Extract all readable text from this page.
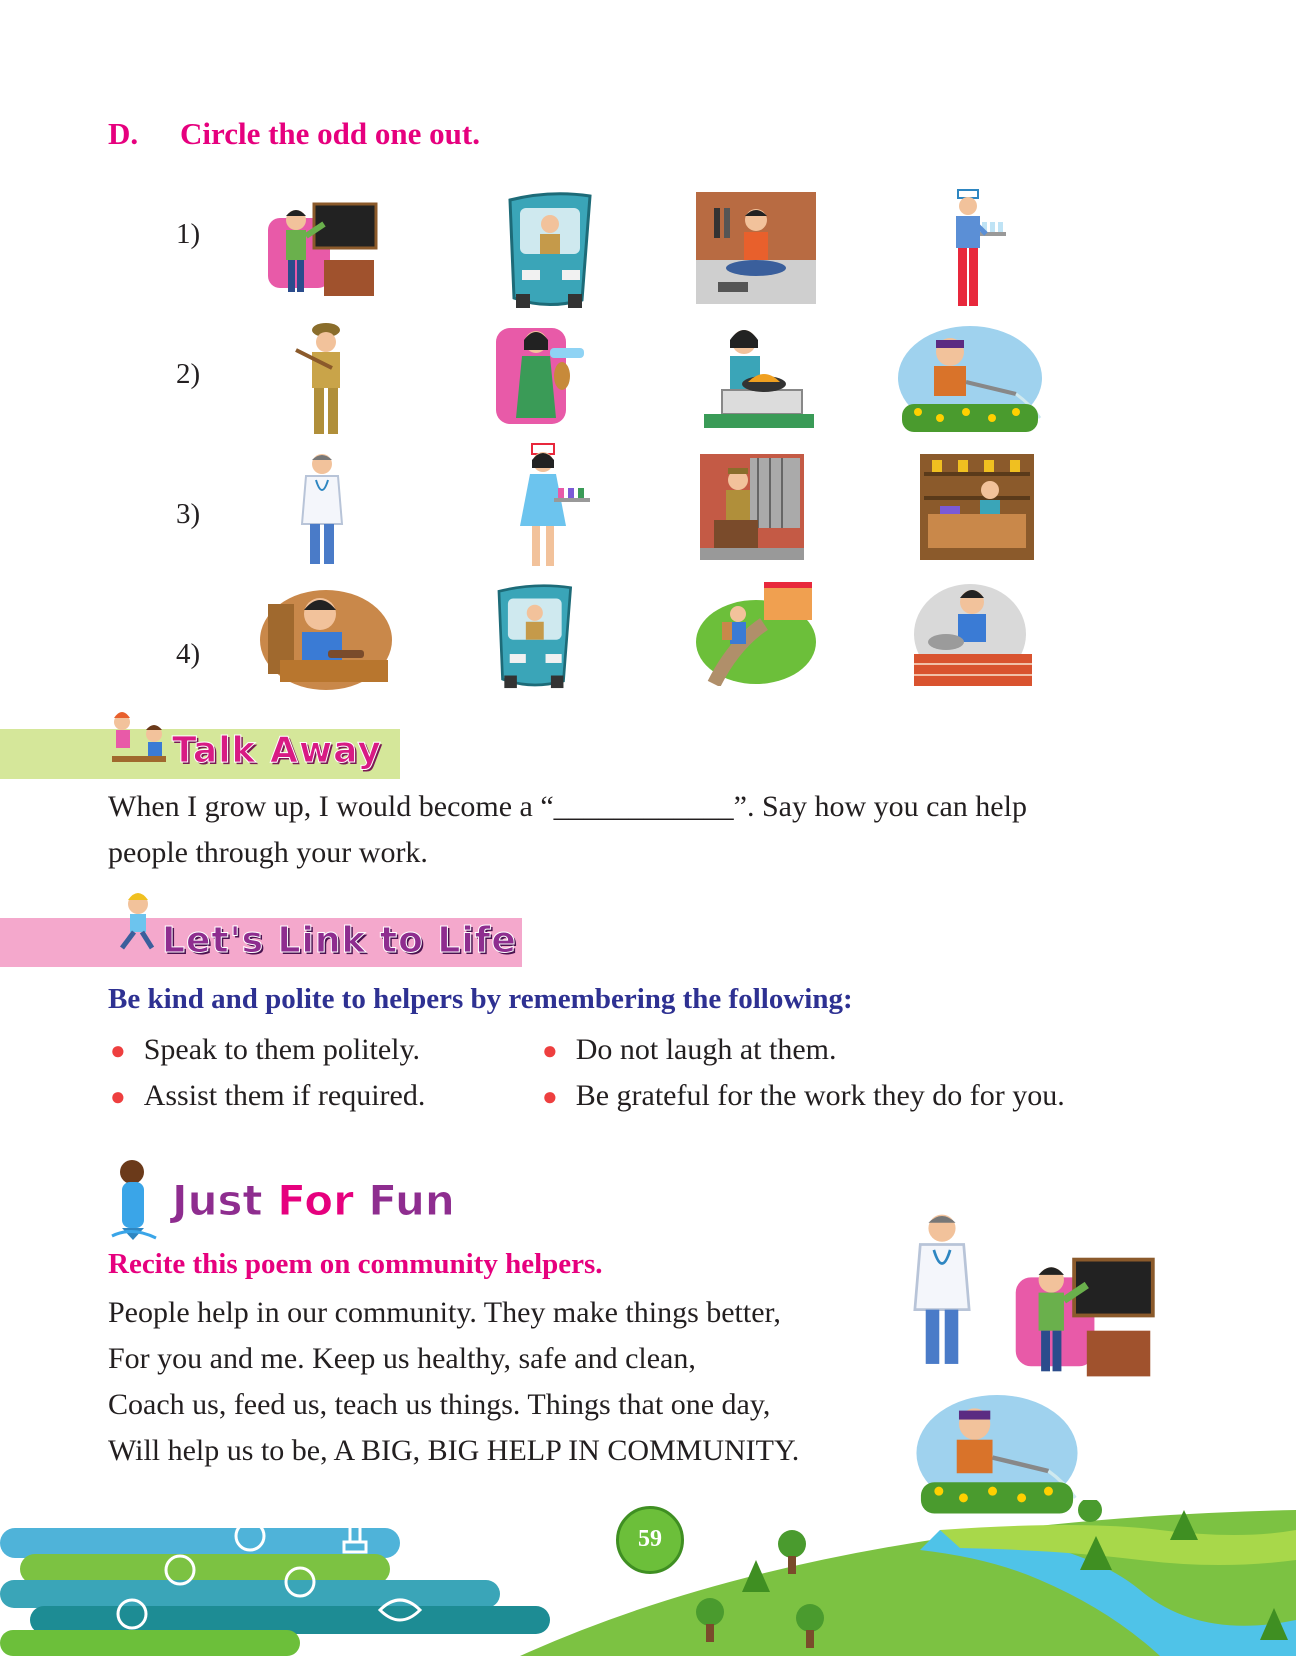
D. Circle the odd one out.
1)
2)
3)
4)
Talk Away
When I grow up, I would become a “____________”. Say how you can help
people through your work.
Let's Link to Life
Be kind and polite to helpers by remembering the following:
● Speak to them politely.	● Do not laugh at them.
● Assist them if required.	● Be grateful for the work they do for you.
Just For Fun
Recite this poem on community helpers.
People help in our community. They make things better,
For you and me. Keep us healthy, safe and clean,
Coach us, feed us, teach us things. Things that one day,
Will help us to be, A BIG, BIG HELP IN COMMUNITY.
59
